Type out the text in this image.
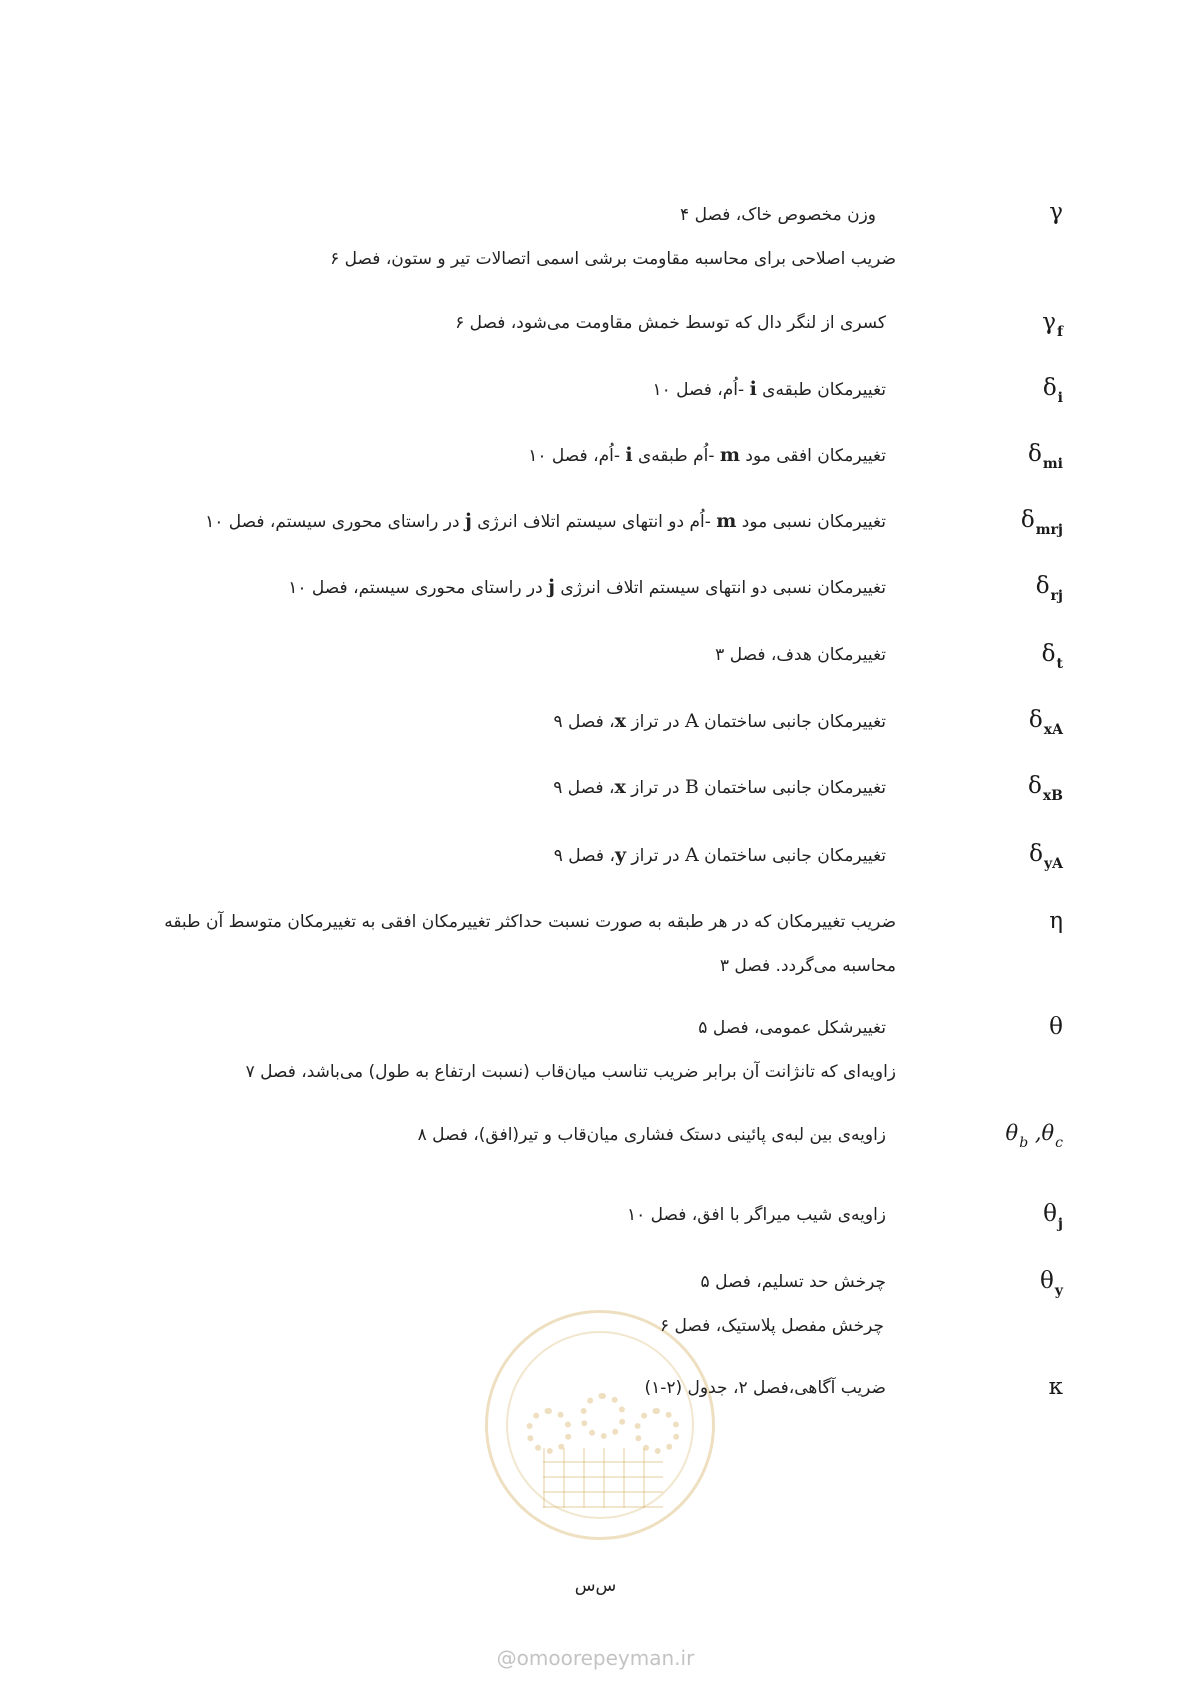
γ
وزن مخصوص خاک، فصل ۴
ضریب اصلاحی برای محاسبه مقاومت برشی اسمی اتصالات تیر و ستون، فصل ۶
$\gamma_f$
کسری از لنگر دال که توسط خمش مقاومت می‌شود، فصل ۶
$\delta_i$
تغییرمکان طبقه‌ی i -اُم، فصل ۱۰
$\delta_{mi}$
تغییرمکان افقی مود m -اُم طبقه‌ی i -اُم، فصل ۱۰
$\delta_{mrj}$
تغییرمکان نسبی مود m -اُم دو انتهای سیستم اتلاف انرژی j در راستای محوری سیستم، فصل ۱۰
$\delta_{rj}$
تغییرمکان نسبی دو انتهای سیستم اتلاف انرژی j در راستای محوری سیستم، فصل ۱۰
$\delta_t$
تغییرمکان هدف، فصل ۳
$\delta_{xA}$
تغییرمکان جانبی ساختمان A در تراز x، فصل ۹
$\delta_{xB}$
تغییرمکان جانبی ساختمان B در تراز x، فصل ۹
$\delta_{yA}$
تغییرمکان جانبی ساختمان A در تراز y، فصل ۹
η
ضریب تغییرمکان که در هر طبقه به صورت نسبت حداکثر تغییرمکان افقی به تغییرمکان متوسط آن طبقه
محاسبه می‌گردد. فصل ۳
θ
تغییرشکل عمومی، فصل ۵
زاویه‌ای که تانژانت آن برابر ضریب تناسب میان‌قاب (نسبت ارتفاع به طول) می‌باشد، فصل ۷
$\theta_b$ $,\theta_c$
زاویه‌ی بین لبه‌ی پائینی دستک فشاری میان‌قاب و تیر(افق)، فصل ۸
$\theta_j$
زاویه‌ی شیب میراگر با افق، فصل ۱۰
$\theta_y$
چرخش حد تسلیم، فصل ۵
چرخش مفصل پلاستیک، فصل ۶
κ
ضریب آگاهی،فصل ۲، جدول (۲-۱)
س‌س
@omoorepeyman.ir
